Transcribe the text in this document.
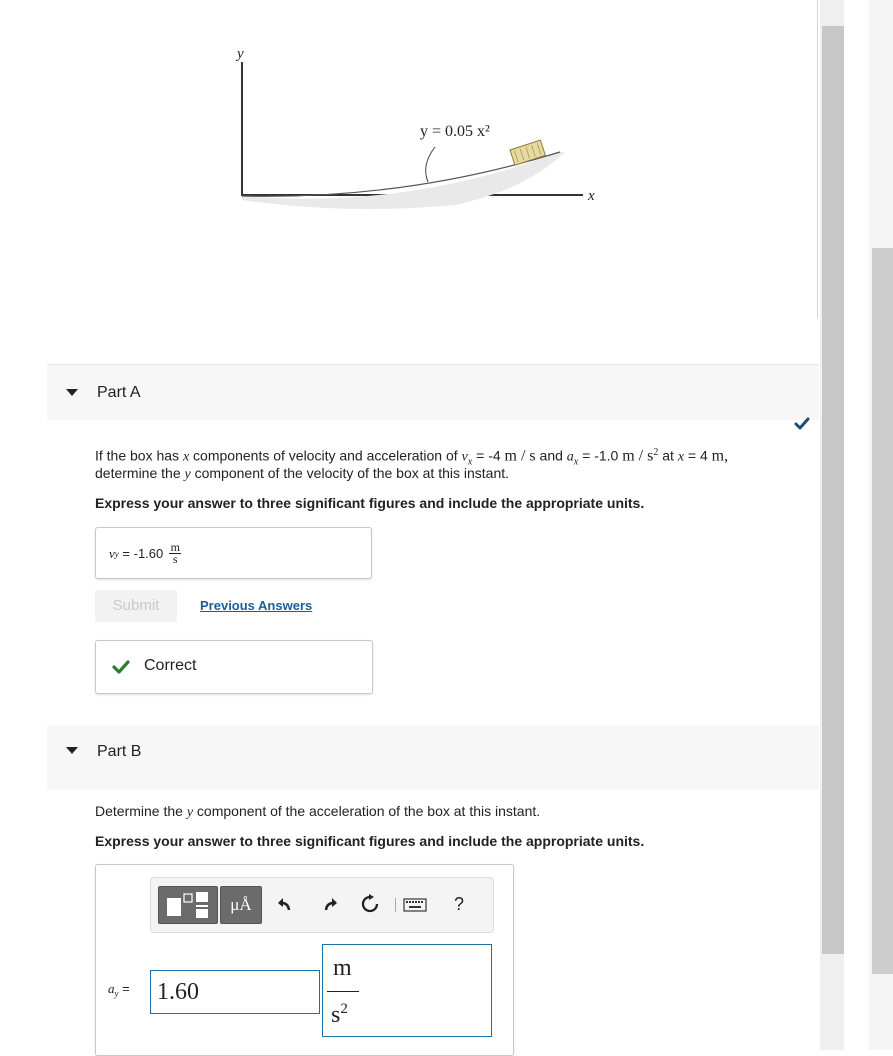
y
x
y = 0.05 x²
Part A
If the box has x components of velocity and acceleration of $v_x = -4$ m / s and $a_x = -1.0$ m / $s^2$ at x = 4 m,
determine the y component of the velocity of the box at this instant.
Express your answer to three significant figures and include the appropriate units.
v y = -1.60 m
s
Submit	Previous Answers
Correct
Part B
Determine the y component of the acceleration of the box at this instant.
Express your answer to three significant figures and include the appropriate units.
μÅ	?
$a_y = 1.60$
m
$s^2$
